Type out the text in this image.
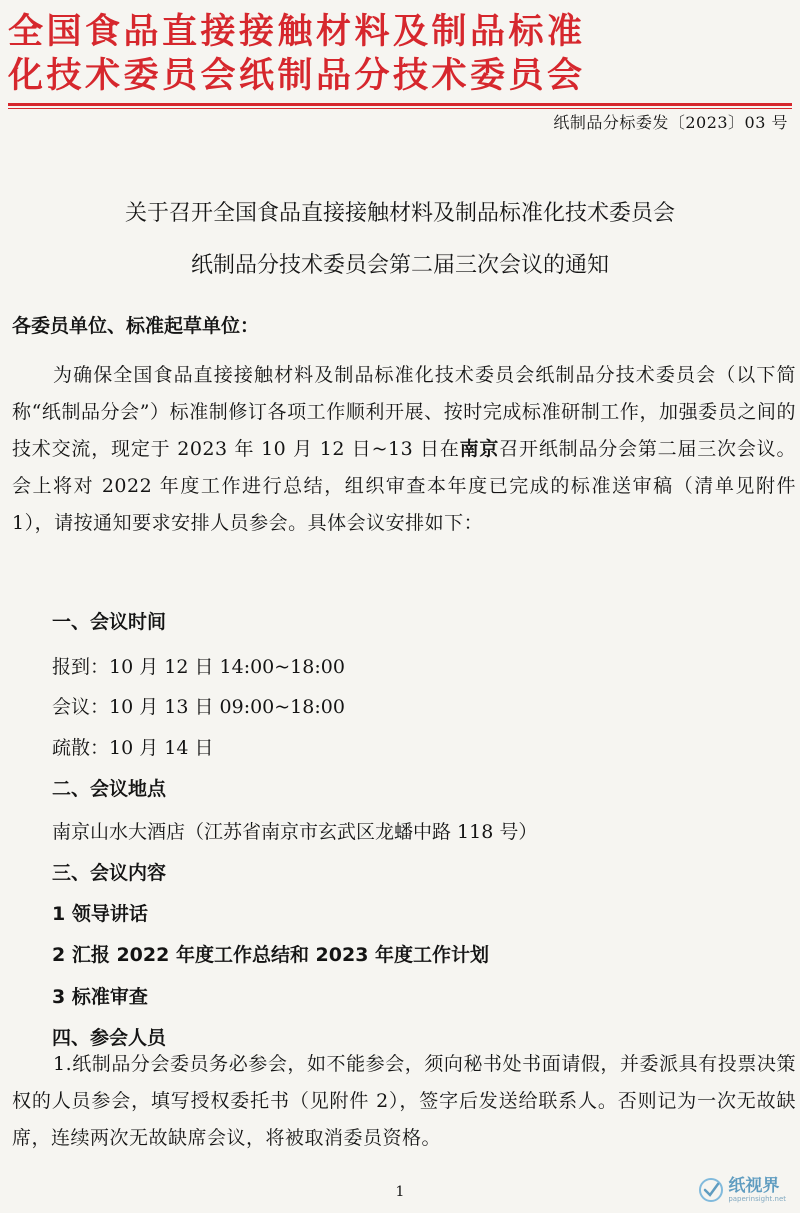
全国食品直接接触材料及制品标准
化技术委员会纸制品分技术委员会
纸制品分标委发〔2023〕03 号
关于召开全国食品直接接触材料及制品标准化技术委员会
纸制品分技术委员会第二届三次会议的通知
各委员单位、标准起草单位：

为确保全国食品直接接触材料及制品标准化技术委员会纸制品分技术委员会（以下简称“纸制品分会”）标准制修订各项工作顺利开展、按时完成标准研制工作，加强委员之间的技术交流，现定于 2023 年 10 月 12 日~13 日在南京召开纸制品分会第二届三次会议。会上将对 2022 年度工作进行总结，组织审查本年度已完成的标准送审稿（清单见附件 1），请按通知要求安排人员参会。具体会议安排如下：

一、会议时间
报到：10 月 12 日 14:00~18:00
会议：10 月 13 日 09:00~18:00
疏散：10 月 14 日
二、会议地点
南京山水大酒店（江苏省南京市玄武区龙蟠中路 118 号）
三、会议内容
1 领导讲话
2 汇报 2022 年度工作总结和 2023 年度工作计划
3 标准审查
四、参会人员

1.纸制品分会委员务必参会，如不能参会，须向秘书处书面请假，并委派具有投票决策权的人员参会，填写授权委托书（见附件 2），签字后发送给联系人。否则记为一次无故缺席，连续两次无故缺席会议，将被取消委员资格。

1	纸视界
paperinsight.net
